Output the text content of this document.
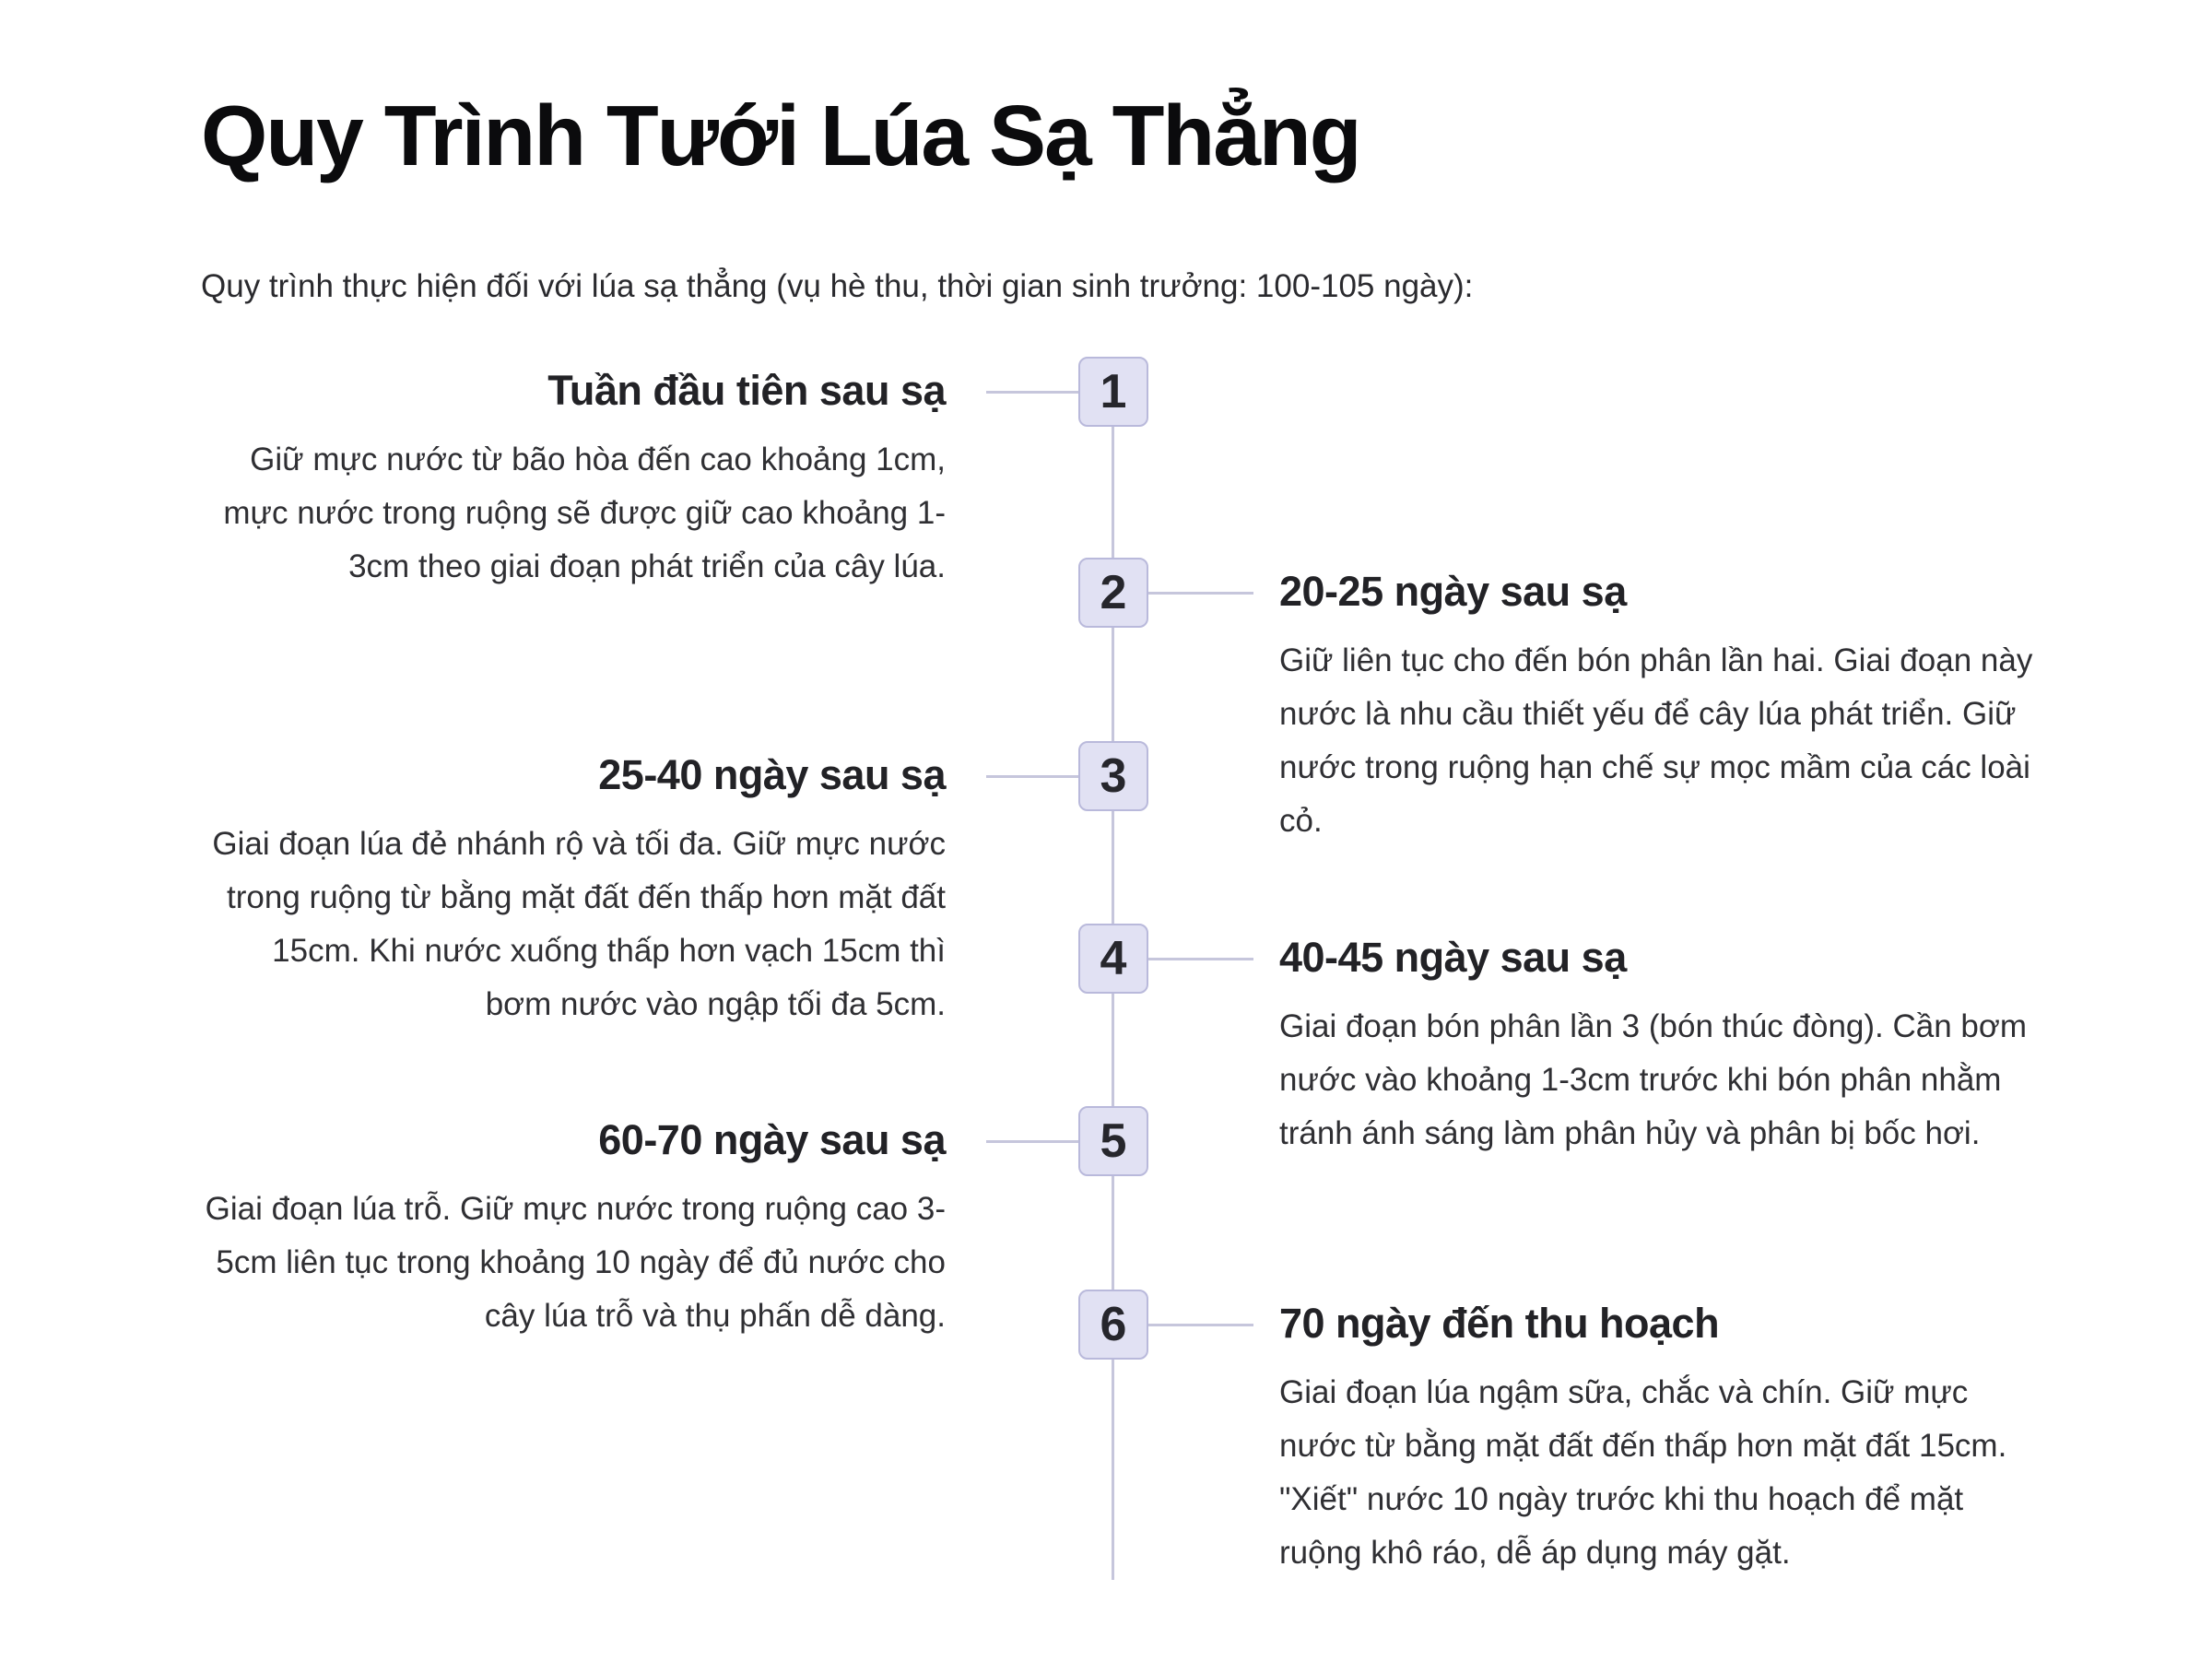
Quy Trình Tưới Lúa Sạ Thẳng

Quy trình thực hiện đối với lúa sạ thẳng (vụ hè thu, thời gian sinh trưởng: 100-105 ngày):

1
Tuần đầu tiên sau sạ

Giữ mực nước từ bão hòa đến cao khoảng 1cm, mực nước trong ruộng sẽ được giữ cao khoảng 1-3cm theo giai đoạn phát triển của cây lúa.	2	20-25 ngày sau sạ

Giữ liên tục cho đến bón phân lần hai. Giai đoạn này nước là nhu cầu thiết yếu để cây lúa phát triển. Giữ nước trong ruộng hạn chế sự mọc mầm của các loài cỏ.

3
25-40 ngày sau sạ

Giai đoạn lúa đẻ nhánh rộ và tối đa. Giữ mực nước trong ruộng từ bằng mặt đất đến thấp hơn mặt đất 15cm. Khi nước xuống thấp hơn vạch 15cm thì bơm nước vào ngập tối đa 5cm.

4	40-45 ngày sau sạ

Giai đoạn bón phân lần 3 (bón thúc đòng). Cần bơm nước vào khoảng 1-3cm trước khi bón phân nhằm tránh ánh sáng làm phân hủy và phân bị bốc hơi.

5
60-70 ngày sau sạ

Giai đoạn lúa trỗ. Giữ mực nước trong ruộng cao 3-5cm liên tục trong khoảng 10 ngày để đủ nước cho cây lúa trỗ và thụ phấn dễ dàng.	6	70 ngày đến thu hoạch

Giai đoạn lúa ngậm sữa, chắc và chín. Giữ mực nước từ bằng mặt đất đến thấp hơn mặt đất 15cm. "Xiết" nước 10 ngày trước khi thu hoạch để mặt ruộng khô ráo, dễ áp dụng máy gặt.
